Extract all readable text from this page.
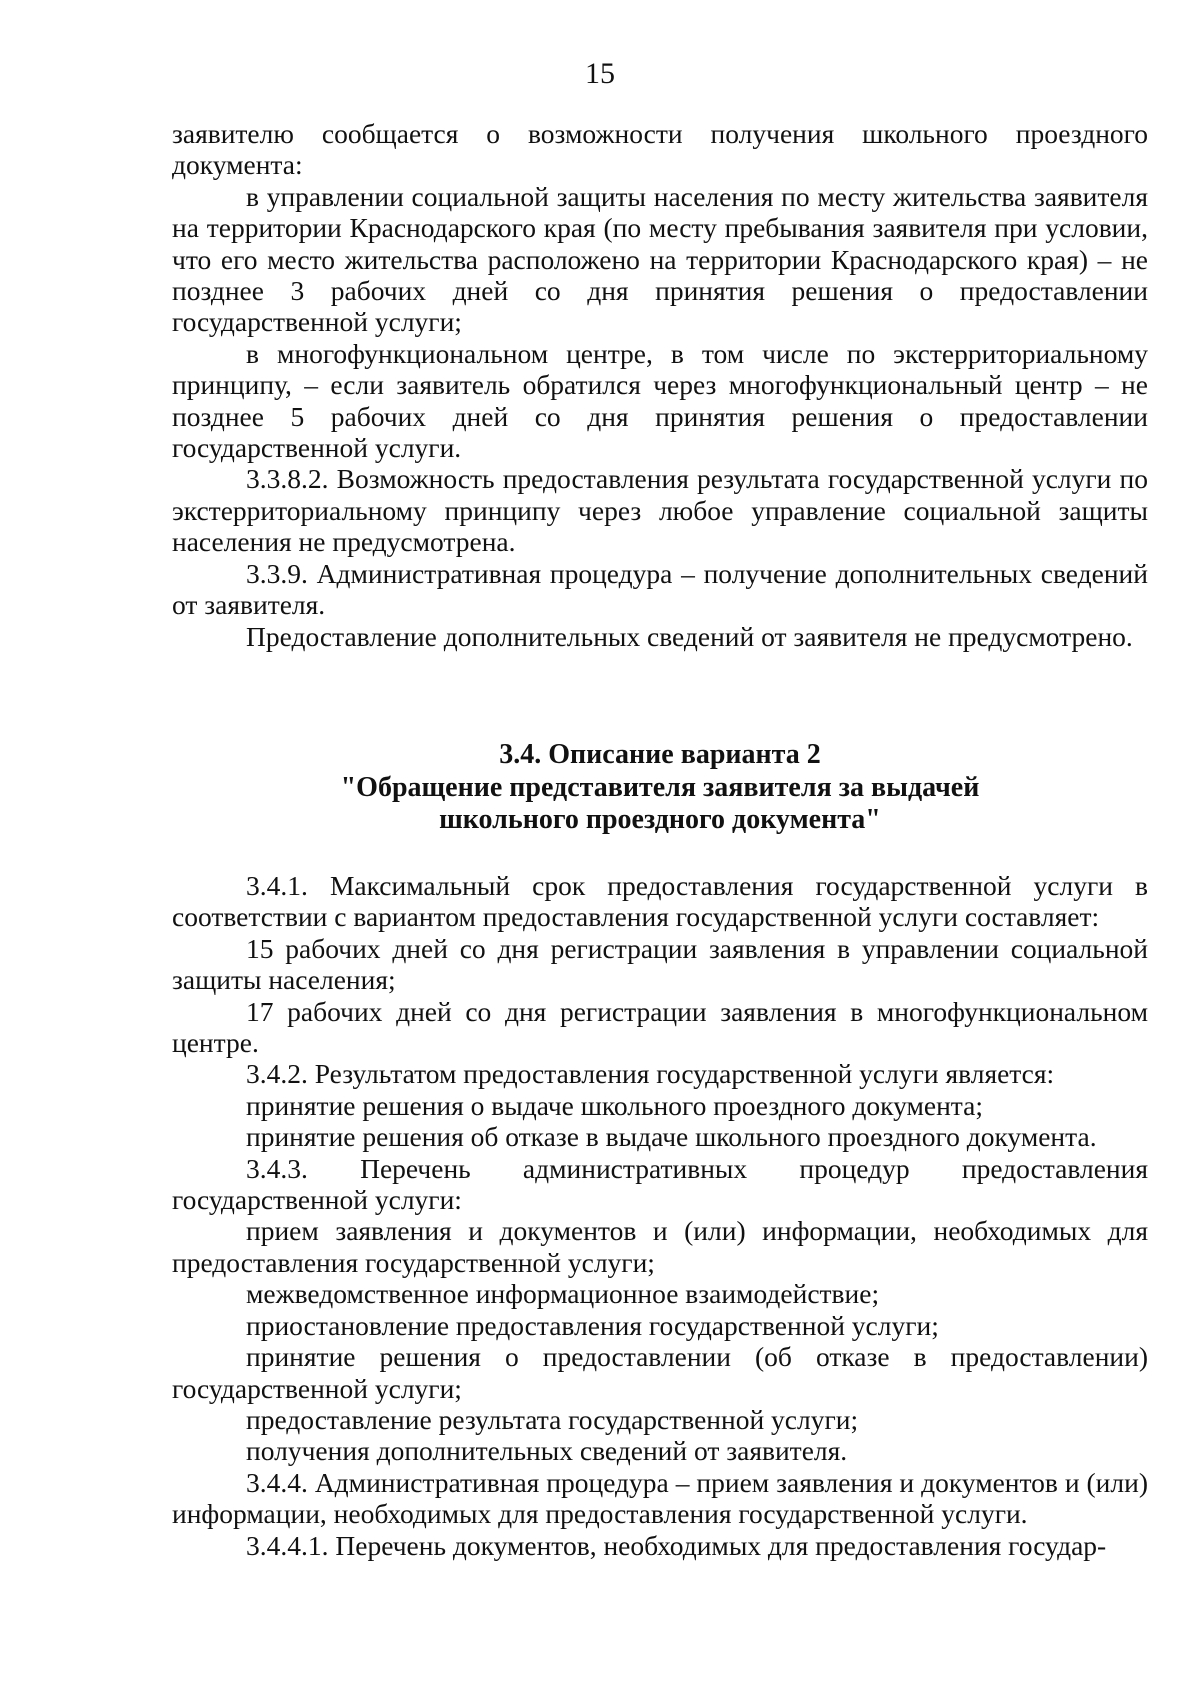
15

заявителю сообщается о возможности получения школьного проездного документа:

в управлении социальной защиты населения по месту жительства заявителя на территории Краснодарского края (по месту пребывания заявителя при условии, что его место жительства расположено на территории Краснодарского края) – не позднее 3 рабочих дней со дня принятия решения о предоставлении государственной услуги;

в многофункциональном центре, в том числе по экстерриториальному принципу, – если заявитель обратился через многофункциональный центр – не позднее 5 рабочих дней со дня принятия решения о предоставлении государственной услуги.

3.3.8.2. Возможность предоставления результата государственной услуги по экстерриториальному принципу через любое управление социальной защиты населения не предусмотрена.

3.3.9. Административная процедура – получение дополнительных сведений от заявителя.

Предоставление дополнительных сведений от заявителя не предусмотрено.

3.4. Описание варианта 2
"Обращение представителя заявителя за выдачей
школьного проездного документа"

3.4.1. Максимальный срок предоставления государственной услуги в соответствии с вариантом предоставления государственной услуги составляет:

15 рабочих дней со дня регистрации заявления в управлении социальной защиты населения;

17 рабочих дней со дня регистрации заявления в многофункциональном центре.

3.4.2. Результатом предоставления государственной услуги является:

принятие решения о выдаче школьного проездного документа;

принятие решения об отказе в выдаче школьного проездного документа.

3.4.3. Перечень административных процедур предоставления государственной услуги:

прием заявления и документов и (или) информации, необходимых для предоставления государственной услуги;

межведомственное информационное взаимодействие;

приостановление предоставления государственной услуги;

принятие решения о предоставлении (об отказе в предоставлении) государственной услуги;

предоставление результата государственной услуги;

получения дополнительных сведений от заявителя.

3.4.4. Административная процедура – прием заявления и документов и (или) информации, необходимых для предоставления государственной услуги.

3.4.4.1. Перечень документов, необходимых для предоставления государ-
